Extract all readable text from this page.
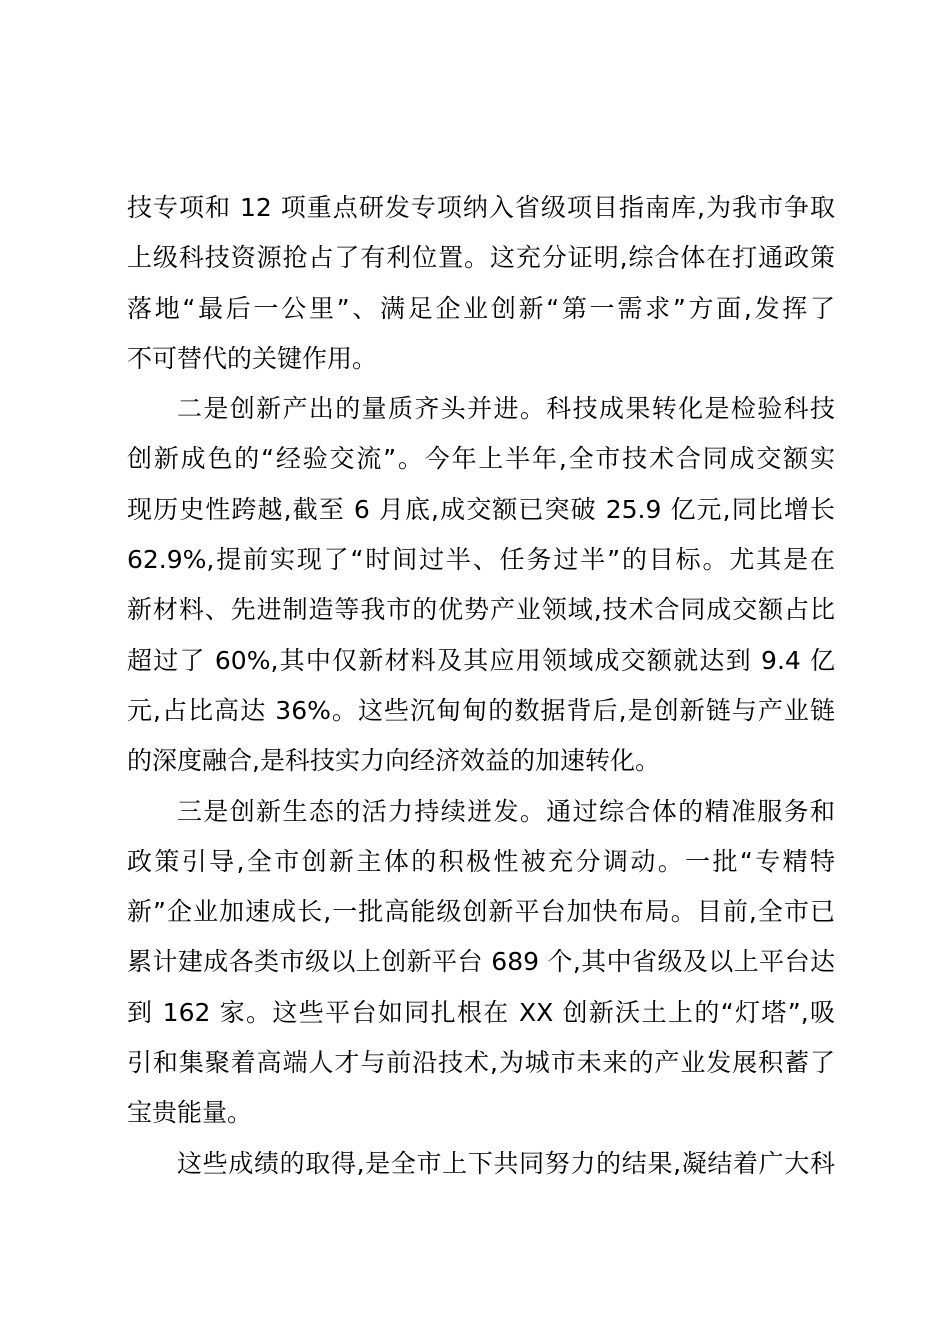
技专项和 12 项重点研发专项纳入省级项目指南库,为我市争取
上级科技资源抢占了有利位置。这充分证明,综合体在打通政策
落地“最后一公里”、满足企业创新“第一需求”方面,发挥了
不可替代的关键作用。
二是创新产出的量质齐头并进。科技成果转化是检验科技
创新成色的“经验交流”。今年上半年,全市技术合同成交额实
现历史性跨越,截至 6 月底,成交额已突破 25.9 亿元,同比增长
62.9%,提前实现了“时间过半、任务过半”的目标。尤其是在
新材料、先进制造等我市的优势产业领域,技术合同成交额占比
超过了 60%,其中仅新材料及其应用领域成交额就达到 9.4 亿
元,占比高达 36%。这些沉甸甸的数据背后,是创新链与产业链
的深度融合,是科技实力向经济效益的加速转化。
三是创新生态的活力持续迸发。通过综合体的精准服务和
政策引导,全市创新主体的积极性被充分调动。一批“专精特
新”企业加速成长,一批高能级创新平台加快布局。目前,全市已
累计建成各类市级以上创新平台 689 个,其中省级及以上平台达
到 162 家。这些平台如同扎根在 XX 创新沃土上的“灯塔”,吸
引和集聚着高端人才与前沿技术,为城市未来的产业发展积蓄了
宝贵能量。
这些成绩的取得,是全市上下共同努力的结果,凝结着广大科
